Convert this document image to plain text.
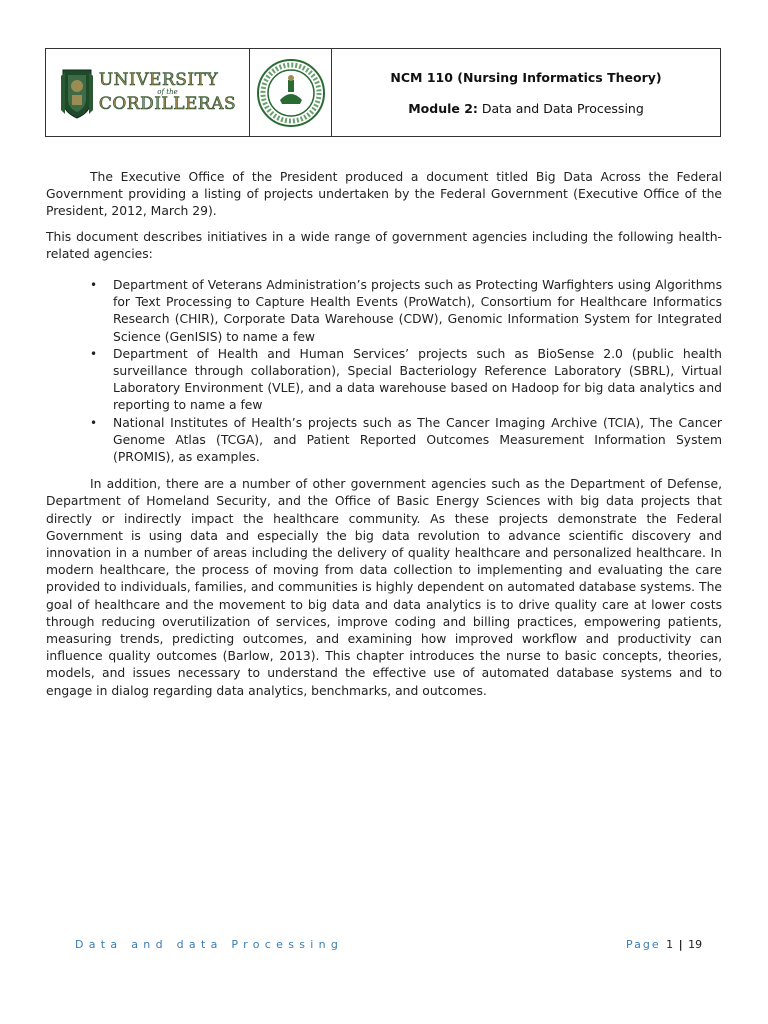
UNIVERSITY
of the
CORDILLERAS
NCM 110 (Nursing Informatics Theory)
Module 2: Data and Data Processing

The Executive Office of the President produced a document titled Big Data Across the Federal Government providing a listing of projects undertaken by the Federal Government (Executive Office of the President, 2012, March 29).

This document describes initiatives in a wide range of government agencies including the following health-related agencies:

• Department of Veterans Administration’s projects such as Protecting Warfighters using Algorithms for Text Processing to Capture Health Events (ProWatch), Consortium for Healthcare Informatics Research (CHIR), Corporate Data Warehouse (CDW), Genomic Information System for Integrated Science (GenISIS) to name a few
• Department of Health and Human Services’ projects such as BioSense 2.0 (public health surveillance through collaboration), Special Bacteriology Reference Laboratory (SBRL), Virtual Laboratory Environment (VLE), and a data warehouse based on Hadoop for big data analytics and reporting to name a few
• National Institutes of Health’s projects such as The Cancer Imaging Archive (TCIA), The Cancer Genome Atlas (TCGA), and Patient Reported Outcomes Measurement Information System (PROMIS), as examples.

In addition, there are a number of other government agencies such as the Department of Defense, Department of Homeland Security, and the Office of Basic Energy Sciences with big data projects that directly or indirectly impact the healthcare community. As these projects demonstrate the Federal Government is using data and especially the big data revolution to advance scientific discovery and innovation in a number of areas including the delivery of quality healthcare and personalized healthcare. In modern healthcare, the process of moving from data collection to implementing and evaluating the care provided to individuals, families, and communities is highly dependent on automated database systems. The goal of healthcare and the movement to big data and data analytics is to drive quality care at lower costs through reducing overutilization of services, improve coding and billing practices, empowering patients, measuring trends, predicting outcomes, and examining how improved workflow and productivity can influence quality outcomes (Barlow, 2013). This chapter introduces the nurse to basic concepts, theories, models, and issues necessary to understand the effective use of automated database systems and to engage in dialog regarding data analytics, benchmarks, and outcomes.

Data and data Processing	Page 1 | 19
